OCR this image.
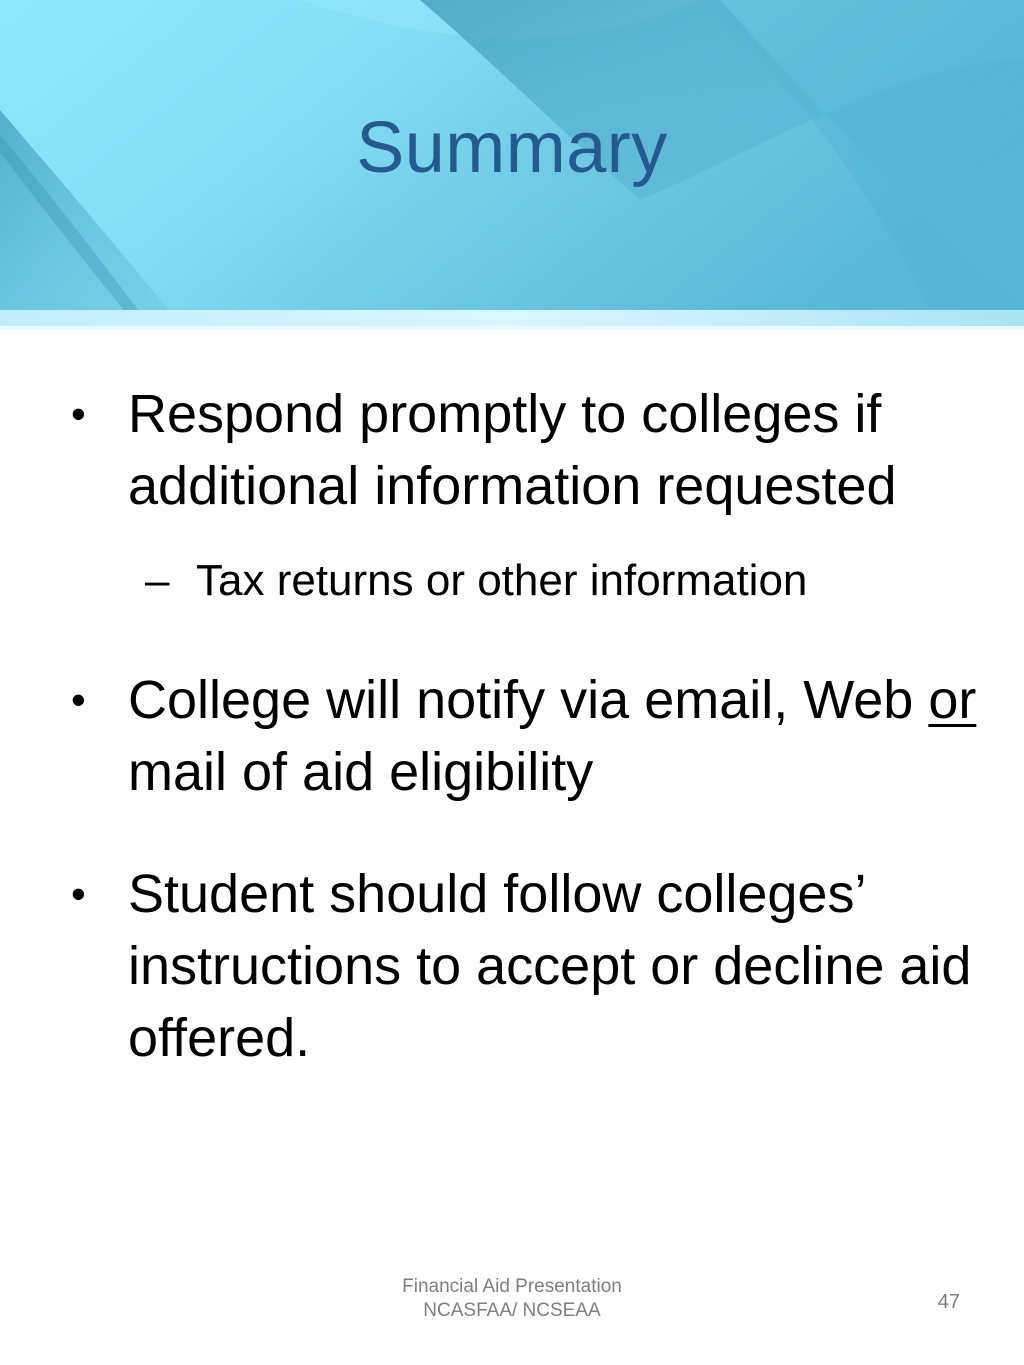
Summary
• Respond promptly to colleges if additional information requested
– Tax returns or other information
• College will notify via email, Web or mail of aid eligibility
• Student should follow colleges’ instructions to accept or decline aid offered.
Financial Aid Presentation
NCASFAA/ NCSEAA	47
